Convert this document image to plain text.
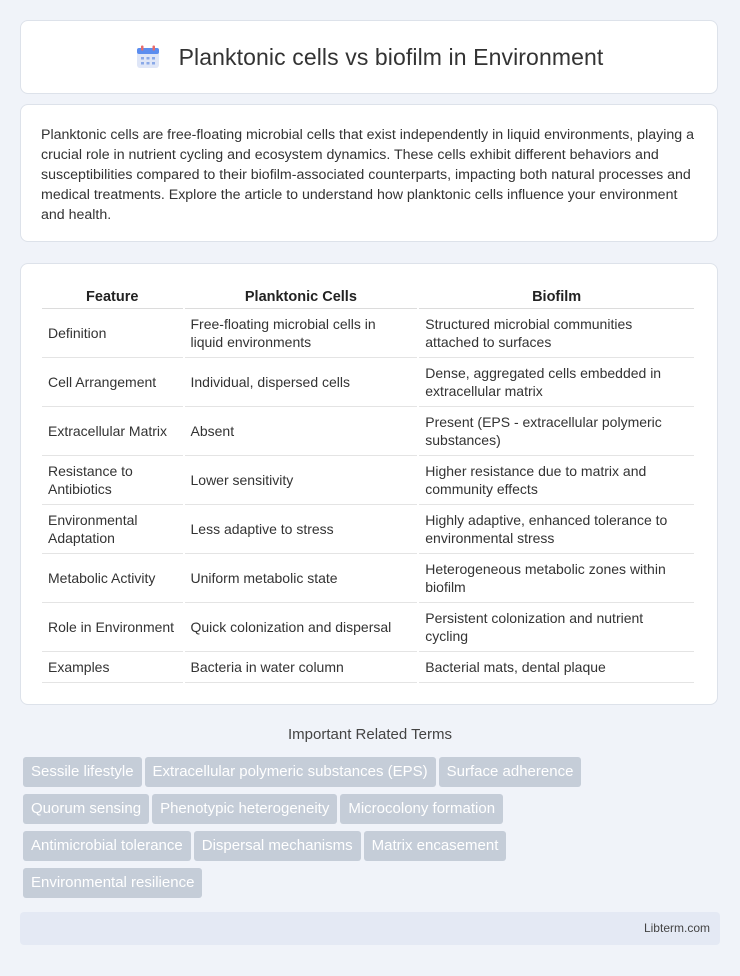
Planktonic cells vs biofilm in Environment

Planktonic cells are free-floating microbial cells that exist independently in liquid environments, playing a crucial role in nutrient cycling and ecosystem dynamics. These cells exhibit different behaviors and susceptibilities compared to their biofilm-associated counterparts, impacting both natural processes and medical treatments. Explore the article to understand how planktonic cells influence your environment and health.

Feature	Planktonic Cells	Biofilm
Definition	Free-floating microbial cells in liquid environments	Structured microbial communities attached to surfaces
Cell Arrangement	Individual, dispersed cells	Dense, aggregated cells embedded in extracellular matrix
Extracellular Matrix	Absent	Present (EPS - extracellular polymeric substances)
Resistance to Antibiotics	Lower sensitivity	Higher resistance due to matrix and community effects
Environmental Adaptation	Less adaptive to stress	Highly adaptive, enhanced tolerance to environmental stress
Metabolic Activity	Uniform metabolic state	Heterogeneous metabolic zones within biofilm
Role in Environment	Quick colonization and dispersal	Persistent colonization and nutrient cycling
Examples	Bacteria in water column	Bacterial mats, dental plaque
Important Related Terms
Sessile lifestyle Extracellular polymeric substances (EPS) Surface adherence
Quorum sensing Phenotypic heterogeneity Microcolony formation
Antimicrobial tolerance Dispersal mechanisms Matrix encasement
Environmental resilience
Libterm.com
